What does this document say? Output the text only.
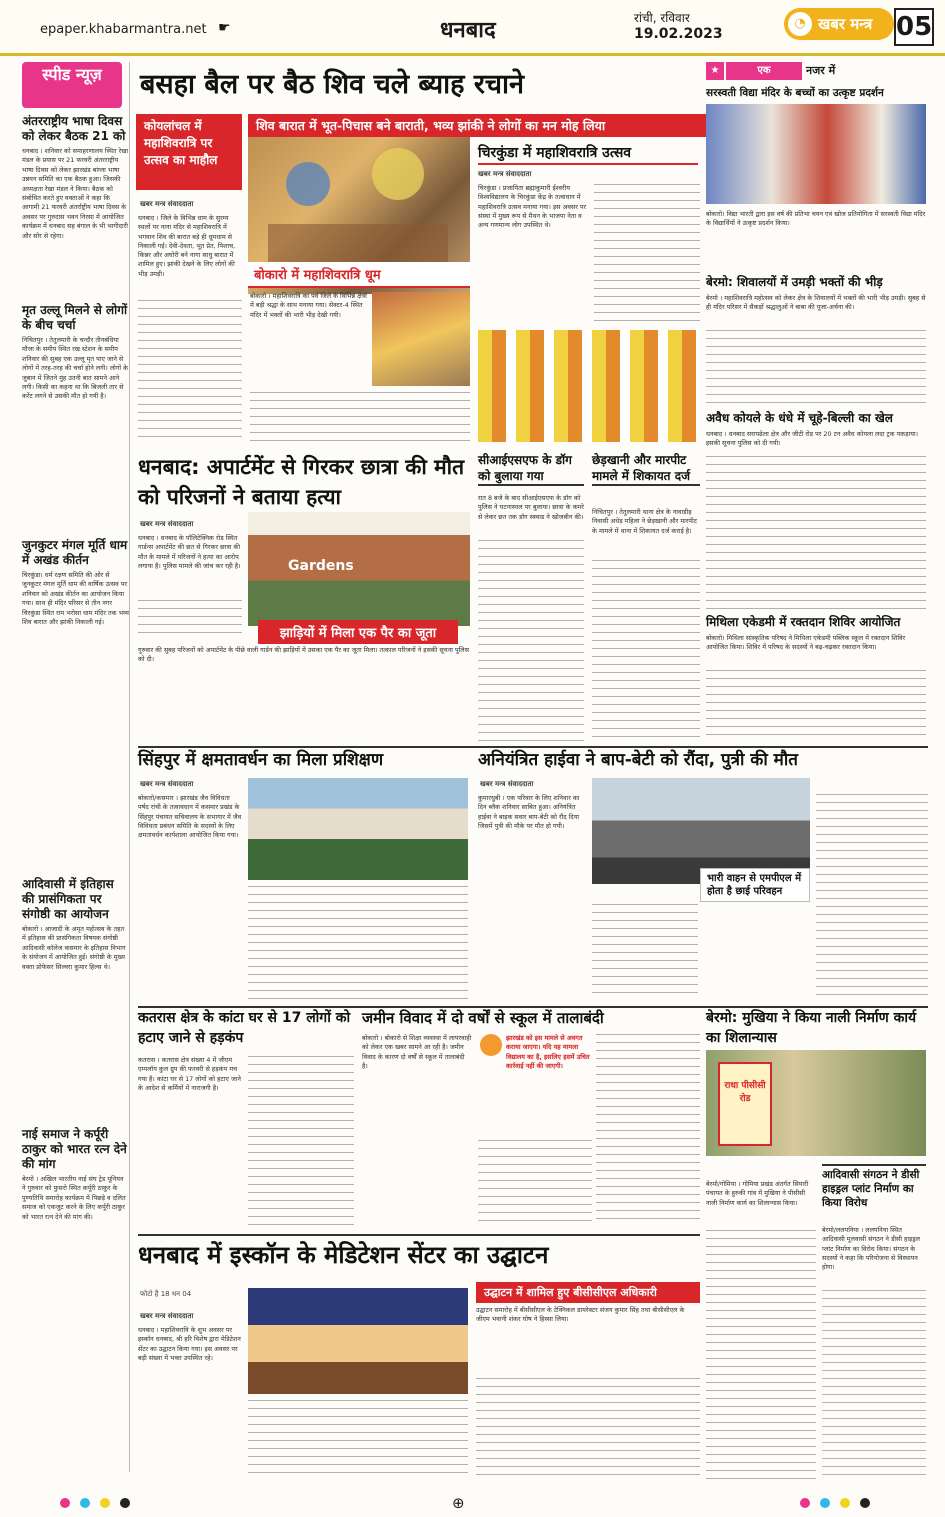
epaper.khabarmantra.net ☛	धनबाद	रांची, रविवार
19.02.2023
◔ खबर मन्त्र 05
स्पीड न्यूज़
अंतरराष्ट्रीय भाषा दिवस को लेकर बैठक 21 को
धनबाद । शनिवार को समाहरणालय स्थित रेखा मंडल के प्रयास पर 21 फरवरी अंतरराष्ट्रीय भाषा दिवस को लेकर झारखंड बांग्ला भाषा उन्नयन समिति का एक बैठक हुआ। जिसकी अध्यक्षता रेखा मंडल ने किया। बैठक को संबोधित करते हुए वक्ताओं ने कहा कि आगामी 21 फरवरी अंतर्राष्ट्रीय भाषा दिवस के अवसर पर गुरुदास भवन निरसा में आयोजित कार्यक्रम में धनबाद सह बंगाल के भी भागीदारी और सोर से रहेगा।
मृत उल्लू मिलने से लोगों के बीच चर्चा
निचितपुर । तेतुलमारी के चन्दौर तीनबंधिया मौजा के समीप स्थित रख स्टेशन के समीप शनिवार की सुबह एक उल्लू मृत पाए जाने से लोगों में तरह-तरह की चर्चा होने लगी। लोगों के जुबान में जितने मुंह उतनी बात सामने आने लगी। किसी का कहना था कि बिजली तार से करेंट लगने से उसकी मौत हो गयी है।
जुनकुटर मंगल मूर्ति धाम में अखंड कीर्तन
चिरकुंडा। धर्म रक्षण समिति की ओर से जुनकुटर मंगल मूर्ति धाम की वार्षिक उत्सव पर शनिवार को अखंड कीर्तन का आयोजन किया गया। साथ ही मंदिर परिसर से तीन नगर चिरकुंडा स्थित राम भरोसा धाम मंदिर तक भव्य शिव बारात और झांकी निकाली गई।
आदिवासी में इतिहास की प्रासंगिकता पर संगोष्ठी का आयोजन
बोकारो । आजादी के अमृत महोत्सव के तहत में इतिहास की प्रासंगिकता विषयक संगोष्ठी आदिवासी कॉलेज कसमार के इतिहास विभाग के संयोजन में आयोजित हुई। संगोष्ठी के मुख्य वक्ता प्रोफेसर सिल्वरा कुमार हिल्स थे।
नाई समाज ने कर्पूरी ठाकुर को भारत रत्न देने की मांग
बेरमो । अखिल भारतीय नाई संघ ट्रेड यूनियन ने गुरुवार को फुसरो स्थित कर्पूरी ठाकुर के पुण्यतिथि समारोह कार्यक्रम में पिछड़े व दलित समाज को एकजुट करने के लिए कर्पूरी ठाकुर को भारत रत्न देने की मांग की।
बसहा बैल पर बैठ शिव चले ब्याह रचाने
कोयलांचल में महाशिवरात्रि पर उत्सव का माहौल
शिव बारात में भूत-पिचास बने बाराती, भव्य झांकी ने लोगों का मन मोह लिया
खबर मन्त्र संवाददाता
धनबाद । जिले के विभिन्न धाम के सुरम्य स्थलों पर नाना मंदिर से महाशिवरात्रि में भगवान शिव की बारात बड़े ही धूमधाम से निकाली गई। देवी-देवता, भूत प्रेत, पिशाच, किन्नर और अघोरी बने नागा साधु बारात में शामिल हुए। झांकी देखने के लिए लोगों की भीड़ उमड़ी।	बोकारो में महाशिवरात्रि धूम
बोकारो । महाशिवरात्रि का पर्व जिले के विभिन्न क्षेत्रों में बड़ी श्रद्धा के साथ मनाया गया। सेक्टर-4 स्थित मंदिर में भक्तों की भारी भीड़ देखी गयी।
चिरकुंडा में महाशिवरात्रि उत्सव
खबर मन्त्र संवाददाता
चिरकुंडा । प्रजापिता ब्रह्माकुमारी ईश्वरीय विश्वविद्यालय के चिरकुंडा केंद्र के तत्वाधान में महाशिवरात्रि उत्सव मनाया गया। इस अवसर पर संस्था में मुख्य रूप से मैथन के भाजपा नेता व अन्य गणमान्य लोग उपस्थित थे।
धनबाद: अपार्टमेंट से गिरकर छात्रा की मौत को परिजनों ने बताया हत्या
खबर मन्त्र संवाददाता
धनबाद । धनबाद के पॉलिटेक्निक रोड स्थित गार्डन्स अपार्टमेंट की छत से गिरकर छात्रा की मौत के मामले में परिजनों ने हत्या का आरोप लगाया है। पुलिस मामले की जांच कर रही है।	Gardens
झाड़ियों में मिला एक पैर का जूता
गुरुवार की सुबह परिजनों को अपार्टमेंट के पीछे वाली गार्डन की झाड़ियों में उसका एक पैर का जूता मिला। तत्काल परिजनों ने इसकी सूचना पुलिस को दी।
सीआईएसएफ के डॉग को बुलाया गया
रात 8 बजे के बाद सीआईएसएफ के डॉग को पुलिस ने घटनास्थल पर बुलाया। छात्रा के कमरे से लेकर छत तक डॉग स्क्वाड ने खोजबीन की।
छेड़खानी और मारपीट मामले में शिकायत दर्ज
निचितपुर । तेतुलमारी थाना क्षेत्र के नावाडीह निवासी अधेड़ महिला ने छेड़खानी और मारपीट के मामले में थाना में शिकायत दर्ज कराई है।
★	एक	नजर में
सरस्वती विद्या मंदिर के बच्चों का उत्कृष्ट प्रदर्शन
बोकारो। विद्या भारती द्वारा इस वर्ष की प्रतिभा चयन एवं खोज प्रतियोगिता में सरस्वती विद्या मंदिर के विद्यार्थियों ने उत्कृष्ट प्रदर्शन किया।
बेरमो: शिवालयों में उमड़ी भक्तों की भीड़
बेरमो । महाशिवरात्रि महोत्सव को लेकर क्षेत्र के शिवालयों में भक्तों की भारी भीड़ उमड़ी। सुबह से ही मंदिर परिसर में सैकड़ों श्रद्धालुओं ने बाबा की पूजा-अर्चना की।
अवैध कोयले के धंधे में चूहे-बिल्ली का खेल
धनबाद । धनबाद सरायढेला क्षेत्र और जीटी रोड पर 20 टन अवैध कोयला लदा ट्रक पकड़ाया। इसकी सूचना पुलिस को दी गयी।
मिथिला एकेडमी में रक्तदान शिविर आयोजित
बोकारो। मिथिला सांस्कृतिक परिषद ने मिथिला एकेडमी पब्लिक स्कूल में रक्तदान शिविर आयोजित किया। शिविर में परिषद के सदस्यों ने बढ़-चढ़कर रक्तदान किया।
सिंहपुर में क्षमतावर्धन का मिला प्रशिक्षण
खबर मन्त्र संवाददाता
बोकारो/कसमार । झारखंड जैव विविधता पर्षद रांची के तत्वावधान में कसमार प्रखंड के सिंहपुर पंचायत सचिवालय के सभागार में जैव विविधता प्रबंधन समिति के सदस्यों के लिए क्षमतावर्धन कार्यशाला आयोजित किया गया।
अनियंत्रित हाईवा ने बाप-बेटी को रौंदा, पुत्री की मौत
खबर मन्त्र संवाददाता
कुमारधुबी । एक परिवार के लिए शनिवार का दिन ब्लैक शनिवार साबित हुआ। अनियंत्रित हाईवा ने बाइक सवार बाप-बेटी को रौंद दिया जिसमें पुत्री की मौके पर मौत हो गयी।
भारी वाहन से एमपीएल में होता है छाई परिवहन
कतरास क्षेत्र के कांटा घर से 17 लोगों को हटाए जाने से हड़कंप
कतरास । कतरास क्षेत्र संख्या 4 में जीएम एम्पलॉय कुल ग्रुप की फरवरी से हड़कंप मच गया है। कांटा घर से 17 लोगों को हटाए जाने के आदेश से कर्मियों में नाराजगी है।
जमीन विवाद में दो वर्षों से स्कूल में तालाबंदी
झारखंड को इस मामले से अवगत कराया जाएगा। यदि यह मामला विद्यालय का है, इसलिए इसमें उचित कार्रवाई नहीं की जाएगी।
बोकारो । बोकारो से शिक्षा व्यवस्था में लापरवाही को लेकर एक खबर सामने आ रही है। जमीन विवाद के कारण दो वर्षों से स्कूल में तालाबंदी है।
बेरमो: मुखिया ने किया नाली निर्माण कार्य का शिलान्यास
राधा पीसीसी रोड
बेरमो/गोमिया । गोमिया प्रखंड अंतर्गत सियारी पंचायत के हुरुकी गांव में मुखिया ने पीसीसी नाली निर्माण कार्य का शिलान्यास किया।
आदिवासी संगठन ने डीसी हाइड्रल प्लांट निर्माण का किया विरोध
बेरमो/ललपनिया । ललपनिया स्थित आदिवासी मूलवासी संगठन ने डीसी हाइड्रल प्लांट निर्माण का विरोध किया। संगठन के सदस्यों ने कहा कि परियोजना से विस्थापन होगा।
धनबाद में इस्कॉन के मेडिटेशन सेंटर का उद्घाटन
फोटो है 18 धन 04
खबर मन्त्र संवाददाता
धनबाद । महाशिवरात्रि के शुभ अवसर पर इस्कॉन धनबाद, श्री हरि विशेष द्वारा मेडिटेशन सेंटर का उद्घाटन किया गया। इस अवसर पर बड़ी संख्या में भक्त उपस्थित रहे।
उद्घाटन में शामिल हुए बीसीसीएल अधिकारी
उद्घाटन समारोह में बीसीसीएल के टेक्निकल डायरेक्टर संजय कुमार सिंह तथा बीसीसीएल के जीएम भवानी शंकर घोष ने हिस्सा लिया।
⊕
